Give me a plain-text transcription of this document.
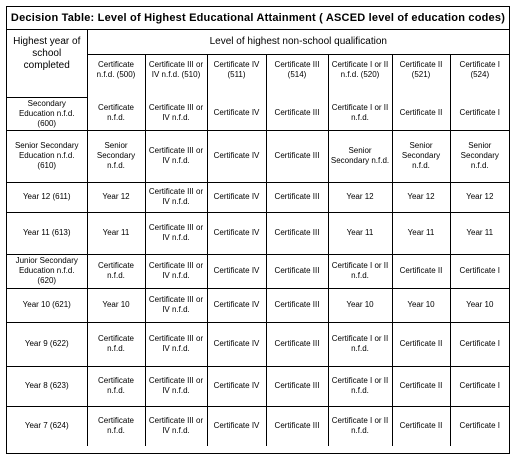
Decision Table: Level of Highest Educational Attainment ( ASCED level of education codes)
Highest year of school completed	Level of highest non-school qualification						
	Certificate n.f.d. (500)	Certificate III or IV n.f.d. (510)	Certificate IV (511)	Certificate III (514)	Certificate I or II n.f.d. (520)	Certificate II (521)	Certificate I (524)
Secondary Education n.f.d. (600)	Certificate n.f.d.	Certificate III or IV n.f.d.	Certificate IV	Certificate III	Certificate I or II n.f.d.	Certificate II	Certificate I
Senior Secondary Education n.f.d. (610)	Senior Secondary n.f.d.	Certificate III or IV n.f.d.	Certificate IV	Certificate III	Senior Secondary n.f.d.	Senior Secondary n.f.d.	Senior Secondary n.f.d.
Year 12 (611)	Year 12	Certificate III or IV n.f.d.	Certificate IV	Certificate III	Year 12	Year 12	Year 12
Year 11 (613)	Year 11	Certificate III or IV n.f.d.	Certificate IV	Certificate III	Year 11	Year 11	Year 11
Junior Secondary Education n.f.d. (620)	Certificate n.f.d.	Certificate III or IV n.f.d.	Certificate IV	Certificate III	Certificate I or II n.f.d.	Certificate II	Certificate I
Year 10 (621)	Year 10	Certificate III or IV n.f.d.	Certificate IV	Certificate III	Year 10	Year 10	Year 10
Year 9 (622)	Certificate n.f.d.	Certificate III or IV n.f.d.	Certificate IV	Certificate III	Certificate I or II n.f.d.	Certificate II	Certificate I
Year 8 (623)	Certificate n.f.d.	Certificate III or IV n.f.d.	Certificate IV	Certificate III	Certificate I or II n.f.d.	Certificate II	Certificate I
Year 7 (624)	Certificate n.f.d.	Certificate III or IV n.f.d.	Certificate IV	Certificate III	Certificate I or II n.f.d.	Certificate II	Certificate I
